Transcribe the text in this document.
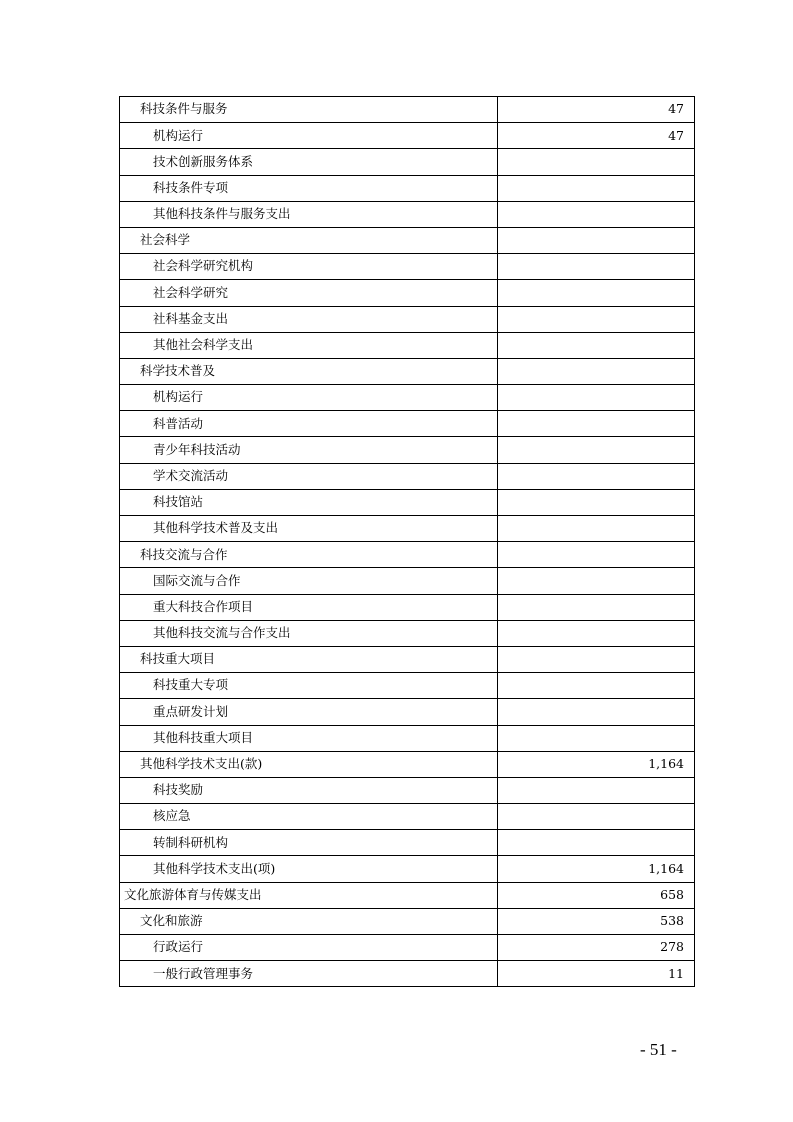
科技条件与服务	47
机构运行	47
技术创新服务体系	
科技条件专项	
其他科技条件与服务支出	
社会科学	
社会科学研究机构	
社会科学研究	
社科基金支出	
其他社会科学支出	
科学技术普及	
机构运行	
科普活动	
青少年科技活动	
学术交流活动	
科技馆站	
其他科学技术普及支出	
科技交流与合作	
国际交流与合作	
重大科技合作项目	
其他科技交流与合作支出	
科技重大项目	
科技重大专项	
重点研发计划	
其他科技重大项目	
其他科学技术支出(款)	1,164
科技奖励	
核应急	
转制科研机构	
其他科学技术支出(项)	1,164
文化旅游体育与传媒支出	658
文化和旅游	538
行政运行	278
一般行政管理事务	11
- 51 -
